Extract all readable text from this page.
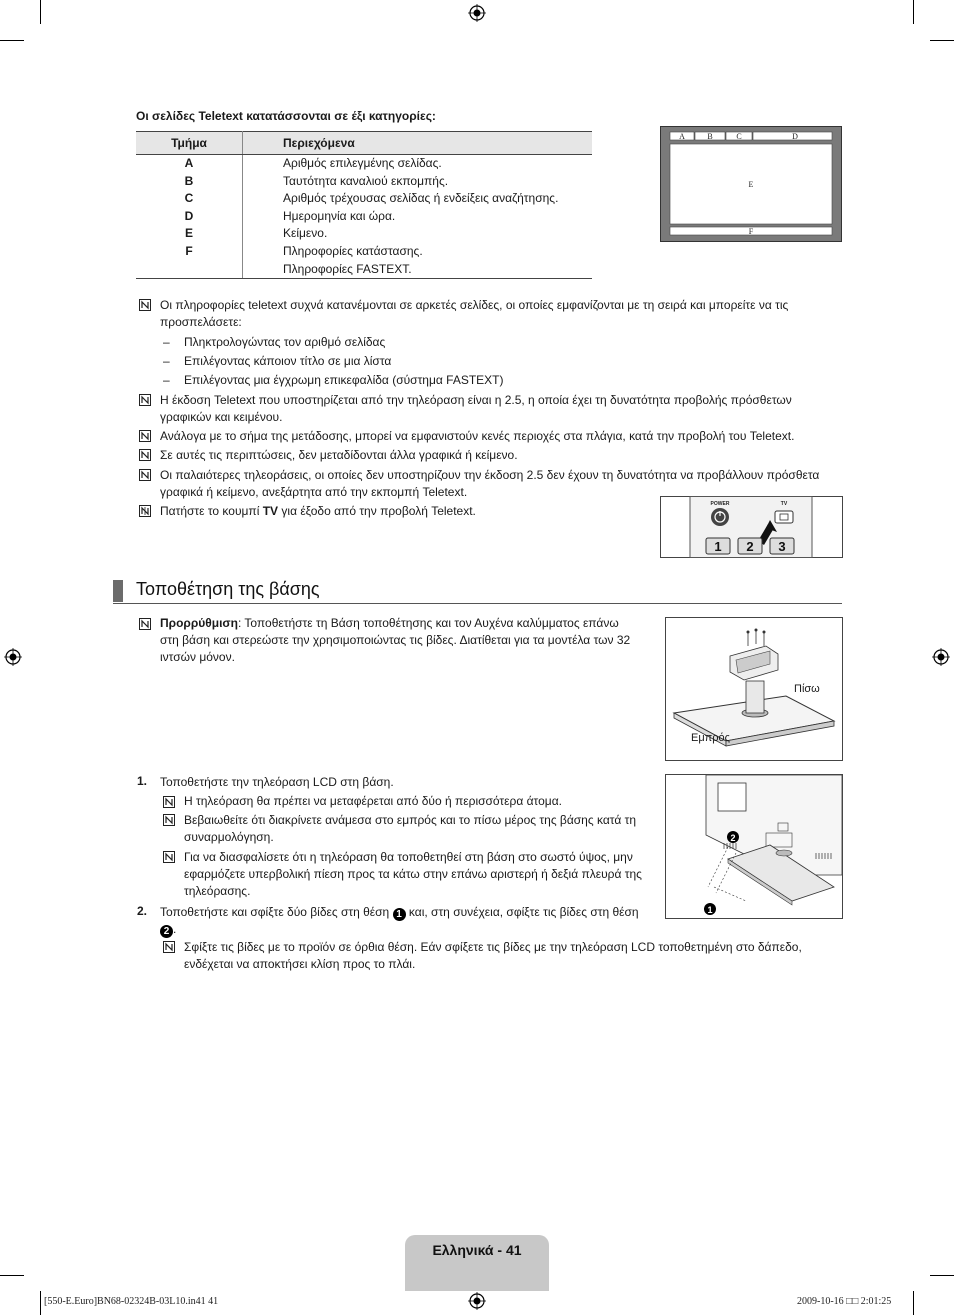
Οι σελίδες Teletext κατατάσσονται σε έξι κατηγορίες:
Τμήμα	Περιεχόμενα
A	Αριθμός επιλεγμένης σελίδας.
B	Ταυτότητα καναλιού εκπομπής.
C	Αριθμός τρέχουσας σελίδας ή ενδείξεις αναζήτησης.
D	Ημερομηνία και ώρα.
E	Κείμενο.
F	Πληροφορίες κατάστασης.
	Πληροφορίες FASTEXT.
A	B	C	D
E
F
Οι πληροφορίες teletext συχνά κατανέμονται σε αρκετές σελίδες, οι οποίες εμφανίζονται με τη σειρά και μπορείτε να τις
προσπελάσετε:
– Πληκτρολογώντας τον αριθμό σελίδας
– Επιλέγοντας κάποιον τίτλο σε μια λίστα
– Επιλέγοντας μια έγχρωμη επικεφαλίδα (σύστημα FASTEXT)
Η έκδοση Teletext που υποστηρίζεται από την τηλεόραση είναι η 2.5, η οποία έχει τη δυνατότητα προβολής πρόσθετων
γραφικών και κειμένου.
Ανάλογα με το σήμα της μετάδοσης, μπορεί να εμφανιστούν κενές περιοχές στα πλάγια, κατά την προβολή του Teletext.
Σε αυτές τις περιπτώσεις, δεν μεταδίδονται άλλα γραφικά ή κείμενο.
Οι παλαιότερες τηλεοράσεις, οι οποίες δεν υποστηρίζουν την έκδοση 2.5 δεν έχουν τη δυνατότητα να προβάλλουν πρόσθετα
γραφικά ή κείμενο, ανεξάρτητα από την εκπομπή Teletext.
Πατήστε το κουμπί TV για έξοδο από την προβολή Teletext.	POWER	TV
1 2 3
Τοποθέτηση της βάσης
Προρρύθμιση: Τοποθετήστε τη Βάση τοποθέτησης και τον Αυχένα καλύμματος επάνω
στη βάση και στερεώστε την χρησιμοποιώντας τις βίδες. Διατίθεται για τα μοντέλα των 32
ιντσών μόνον.
Πίσω
Εμπρός
1. Τοποθετήστε την τηλεόραση LCD στη βάση.
Η τηλεόραση θα πρέπει να μεταφέρεται από δύο ή περισσότερα άτομα.
Βεβαιωθείτε ότι διακρίνετε ανάμεσα στο εμπρός και το πίσω μέρος της βάσης κατά τη
συναρμολόγηση.
Για να διασφαλίσετε ότι η τηλεόραση θα τοποθετηθεί στη βάση στο σωστό ύψος, μην
εφαρμόζετε υπερβολική πίεση προς τα κάτω στην επάνω αριστερή ή δεξιά πλευρά της
τηλεόρασης.
2
1
2. Τοποθετήστε και σφίξτε δύο βίδες στη θέση 1 και, στη συνέχεια, σφίξτε τις βίδες στη θέση
2 .
Σφίξτε τις βίδες με το προϊόν σε όρθια θέση. Εάν σφίξετε τις βίδες με την τηλεόραση LCD τοποθετημένη στο δάπεδο,
ενδέχεται να αποκτήσει κλίση προς το πλάι.
Ελληνικά - 41
[550-E.Euro]BN68-02324B-03L10.in41 41	2009-10-16 □□ 2:01:25
